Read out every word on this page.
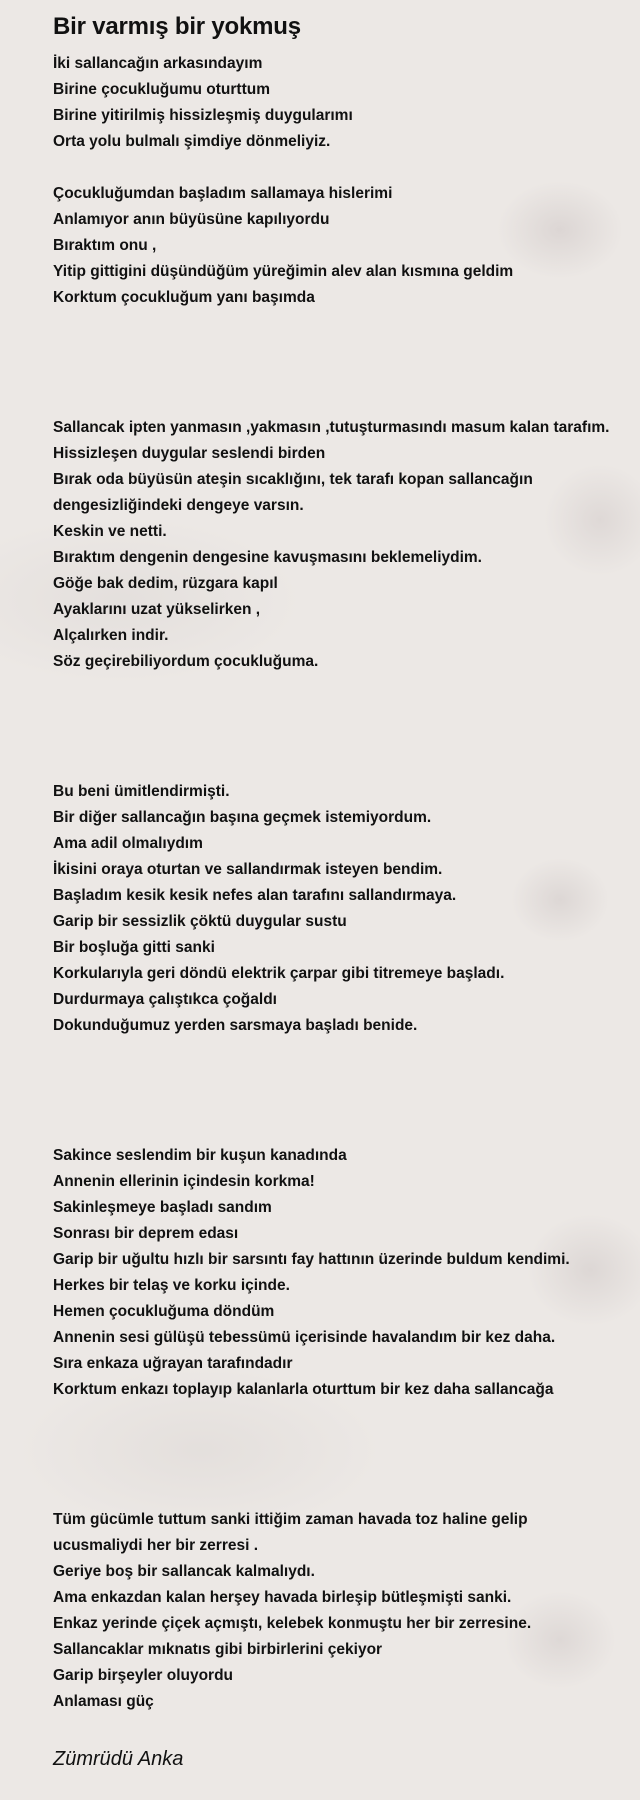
Bir varmış bir yokmuş
İki sallancağın arkasındayım
Birine çocukluğumu oturttum
Birine yitirilmiş hissizleşmiş duygularımı
Orta yolu bulmalı şimdiye dönmeliyiz.
Çocukluğumdan başladım sallamaya hislerimi
Anlamıyor anın büyüsüne kapılıyordu
Bıraktım onu ,
Yitip gittigini düşündüğüm yüreğimin alev alan kısmına geldim
Korktum çocukluğum yanı başımda
Sallancak ipten yanmasın ,yakmasın ,tutuşturmasındı masum kalan tarafım.
Hissizleşen duygular seslendi birden
Bırak oda büyüsün ateşin sıcaklığını, tek tarafı kopan sallancağın
dengesizliğindeki dengeye varsın.
Keskin ve netti.
Bıraktım dengenin dengesine kavuşmasını beklemeliydim.
Göğe bak dedim, rüzgara kapıl
Ayaklarını uzat yükselirken ,
Alçalırken indir.
Söz geçirebiliyordum çocukluğuma.
Bu beni ümitlendirmişti.
Bir diğer sallancağın başına geçmek istemiyordum.
Ama adil olmalıydım
İkisini oraya oturtan ve sallandırmak isteyen bendim.
Başladım kesik kesik nefes alan tarafını sallandırmaya.
Garip bir sessizlik çöktü duygular sustu
Bir boşluğa gitti sanki
Korkularıyla geri döndü elektrik çarpar gibi titremeye başladı.
Durdurmaya çalıştıkca çoğaldı
Dokunduğumuz yerden sarsmaya başladı benide.
Sakince seslendim bir kuşun kanadında
Annenin ellerinin içindesin korkma!
Sakinleşmeye başladı sandım
Sonrası bir deprem edası
Garip bir uğultu hızlı bir sarsıntı fay hattının üzerinde buldum kendimi.
Herkes bir telaş ve korku içinde.
Hemen çocukluğuma döndüm
Annenin sesi gülüşü tebessümü içerisinde havalandım bir kez daha.
Sıra enkaza uğrayan tarafındadır
Korktum enkazı toplayıp kalanlarla oturttum bir kez daha sallancağa
Tüm gücümle tuttum sanki ittiğim zaman havada toz haline gelip
ucusmaliydi her bir zerresi .
Geriye boş bir sallancak kalmalıydı.
Ama enkazdan kalan herşey havada birleşip bütleşmişti sanki.
Enkaz yerinde çiçek açmıştı, kelebek konmuştu her bir zerresine.
Sallancaklar mıknatıs gibi birbirlerini çekiyor
Garip birşeyler oluyordu
Anlaması güç
Zümrüdü Anka
